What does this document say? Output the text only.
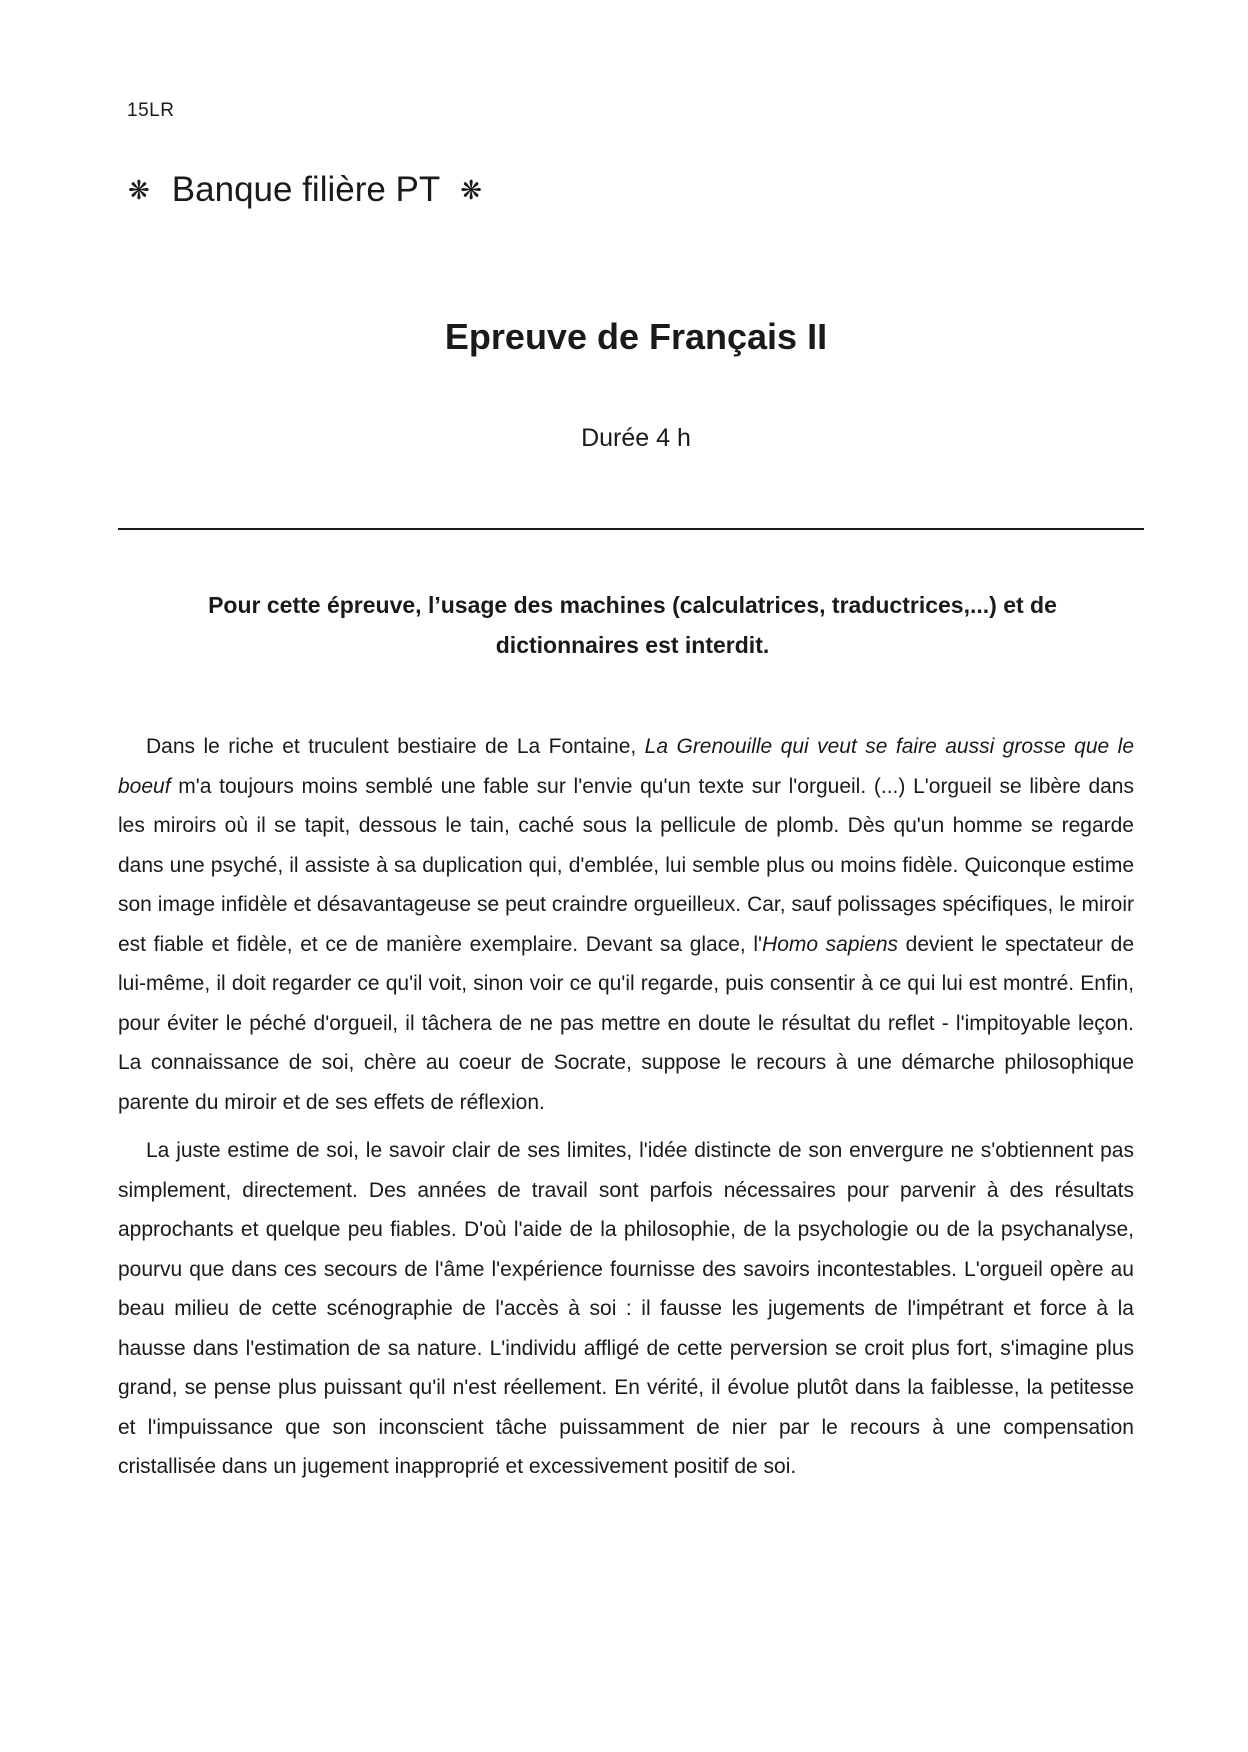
15LR
❋ Banque filière PT ❋
Epreuve de Français II
Durée 4 h
Pour cette épreuve, l’usage des machines (calculatrices, traductrices,...) et de
dictionnaires est interdit.

Dans le riche et truculent bestiaire de La Fontaine, La Grenouille qui veut se faire aussi grosse que le boeuf m'a toujours moins semblé une fable sur l'envie qu'un texte sur l'orgueil. (...) L'orgueil se libère dans les miroirs où il se tapit, dessous le tain, caché sous la pellicule de plomb. Dès qu'un homme se regarde dans une psyché, il assiste à sa duplication qui, d'emblée, lui semble plus ou moins fidèle. Quiconque estime son image infidèle et désavantageuse se peut craindre orgueilleux. Car, sauf polissages spécifiques, le miroir est fiable et fidèle, et ce de manière exemplaire. Devant sa glace, l'Homo sapiens devient le spectateur de lui-même, il doit regarder ce qu'il voit, sinon voir ce qu'il regarde, puis consentir à ce qui lui est montré. Enfin, pour éviter le péché d'orgueil, il tâchera de ne pas mettre en doute le résultat du reflet - l'impitoyable leçon. La connaissance de soi, chère au coeur de Socrate, suppose le recours à une démarche philosophique parente du miroir et de ses effets de réflexion.

La juste estime de soi, le savoir clair de ses limites, l'idée distincte de son envergure ne s'obtiennent pas simplement, directement. Des années de travail sont parfois nécessaires pour parvenir à des résultats approchants et quelque peu fiables. D'où l'aide de la philosophie, de la psychologie ou de la psychanalyse, pourvu que dans ces secours de l'âme l'expérience fournisse des savoirs incontestables. L'orgueil opère au beau milieu de cette scénographie de l'accès à soi : il fausse les jugements de l'impétrant et force à la hausse dans l'estimation de sa nature. L'individu affligé de cette perversion se croit plus fort, s'imagine plus grand, se pense plus puissant qu'il n'est réellement. En vérité, il évolue plutôt dans la faiblesse, la petitesse et l'impuissance que son inconscient tâche puissamment de nier par le recours à une compensation cristallisée dans un jugement inapproprié et excessivement positif de soi.
